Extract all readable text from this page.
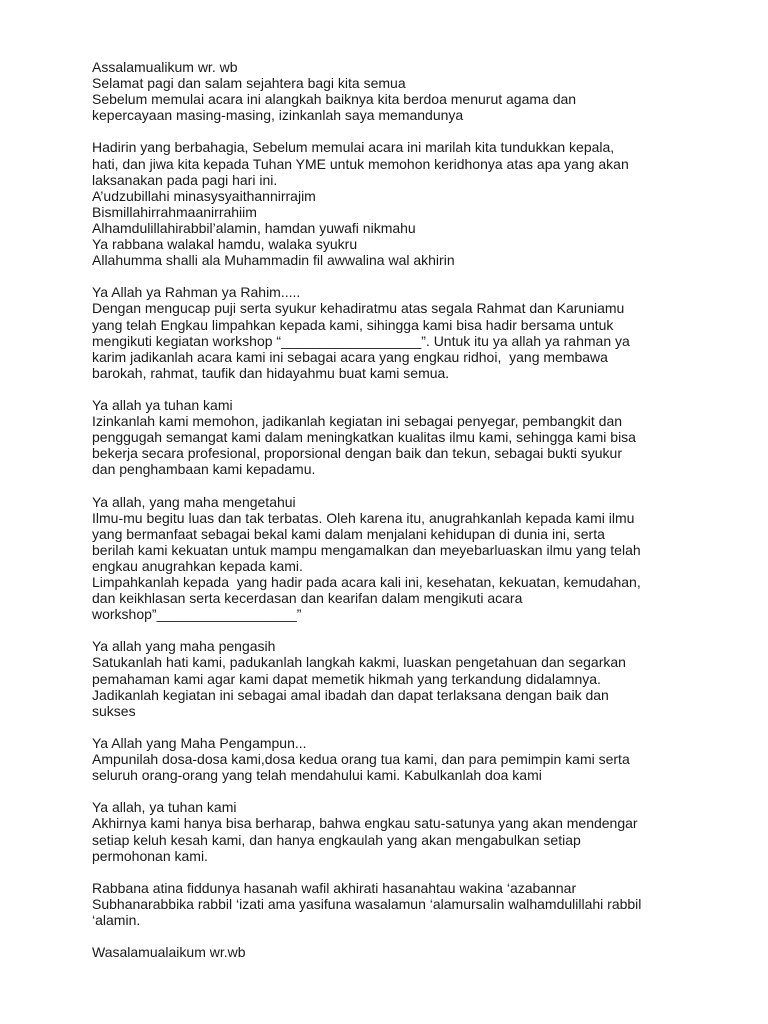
Assalamualikum wr. wb
Selamat pagi dan salam sejahtera bagi kita semua
Sebelum memulai acara ini alangkah baiknya kita berdoa menurut agama dan
kepercayaan masing-masing, izinkanlah saya memandunya

Hadirin yang berbahagia, Sebelum memulai acara ini marilah kita tundukkan kepala,
hati, dan jiwa kita kepada Tuhan YME untuk memohon keridhonya atas apa yang akan
laksanakan pada pagi hari ini.
A’udzubillahi minasysyaithannirrajim
Bismillahirrahmaanirrahiim
Alhamdulillahirabbil’alamin, hamdan yuwafi nikmahu
Ya rabbana walakal hamdu, walaka syukru
Allahumma shalli ala Muhammadin fil awwalina wal akhirin

Ya Allah ya Rahman ya Rahim.....
Dengan mengucap puji serta syukur kehadiratmu atas segala Rahmat dan Karuniamu
yang telah Engkau limpahkan kepada kami, sihingga kami bisa hadir bersama untuk
mengikuti kegiatan workshop “__________________”. Untuk itu ya allah ya rahman ya
karim jadikanlah acara kami ini sebagai acara yang engkau ridhoi,  yang membawa
barokah, rahmat, taufik dan hidayahmu buat kami semua.

Ya allah ya tuhan kami
Izinkanlah kami memohon, jadikanlah kegiatan ini sebagai penyegar, pembangkit dan
penggugah semangat kami dalam meningkatkan kualitas ilmu kami, sehingga kami bisa
bekerja secara profesional, proporsional dengan baik dan tekun, sebagai bukti syukur
dan penghambaan kami kepadamu.

Ya allah, yang maha mengetahui
Ilmu-mu begitu luas dan tak terbatas. Oleh karena itu, anugrahkanlah kepada kami ilmu
yang bermanfaat sebagai bekal kami dalam menjalani kehidupan di dunia ini, serta
berilah kami kekuatan untuk mampu mengamalkan dan meyebarluaskan ilmu yang telah
engkau anugrahkan kepada kami.
Limpahkanlah kepada  yang hadir pada acara kali ini, kesehatan, kekuatan, kemudahan,
dan keikhlasan serta kecerdasan dan kearifan dalam mengikuti acara
workshop”__________________”

Ya allah yang maha pengasih
Satukanlah hati kami, padukanlah langkah kakmi, luaskan pengetahuan dan segarkan
pemahaman kami agar kami dapat memetik hikmah yang terkandung didalamnya.
Jadikanlah kegiatan ini sebagai amal ibadah dan dapat terlaksana dengan baik dan
sukses

Ya Allah yang Maha Pengampun...
Ampunilah dosa-dosa kami,dosa kedua orang tua kami, dan para pemimpin kami serta
seluruh orang-orang yang telah mendahului kami. Kabulkanlah doa kami

Ya allah, ya tuhan kami
Akhirnya kami hanya bisa berharap, bahwa engkau satu-satunya yang akan mendengar
setiap keluh kesah kami, dan hanya engkaulah yang akan mengabulkan setiap
permohonan kami.

Rabbana atina fiddunya hasanah wafil akhirati hasanahtau wakina ‘azabannar
Subhanarabbika rabbil ‘izati ama yasifuna wasalamun ‘alamursalin walhamdulillahi rabbil
‘alamin.

Wasalamualaikum wr.wb
